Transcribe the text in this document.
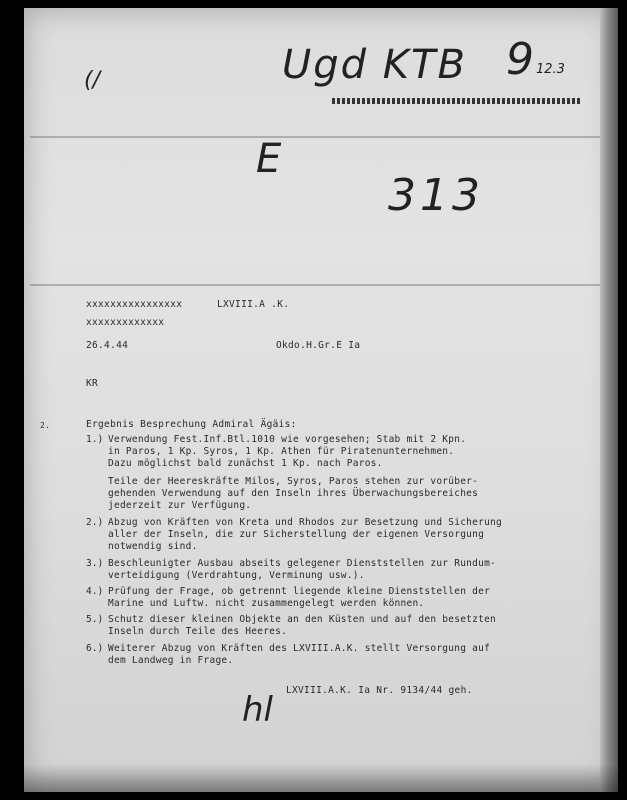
(/	Ugd KTB 9 12.3
E
313
xxxxxxxxxxxxxxxx	LXVIII.A .K.
xxxxxxxxxxxxx
26.4.44	Okdo.H.Gr.E Ia
KR
2.	Ergebnis Besprechung Admiral Ägäis:
1.) Verwendung Fest.Inf.Btl.1010 wie vorgesehen; Stab mit 2 Kpn.
in Paros, 1 Kp. Syros, 1 Kp. Athen für Piratenunternehmen.
Dazu möglichst bald zunächst 1 Kp. nach Paros.
Teile der Heereskräfte Milos, Syros, Paros stehen zur vorüber-
gehenden Verwendung auf den Inseln ihres Überwachungsbereiches
jederzeit zur Verfügung.
2.) Abzug von Kräften von Kreta und Rhodos zur Besetzung und Sicherung
aller der Inseln, die zur Sicherstellung der eigenen Versorgung
notwendig sind.
3.) Beschleunigter Ausbau abseits gelegener Dienststellen zur Rundum-
verteidigung (Verdrahtung, Verminung usw.).
4.) Prüfung der Frage, ob getrennt liegende kleine Dienststellen der
Marine und Luftw. nicht zusammengelegt werden können.
5.) Schutz dieser kleinen Objekte an den Küsten und auf den besetzten
Inseln durch Teile des Heeres.
6.) Weiterer Abzug von Kräften des LXVIII.A.K. stellt Versorgung auf
dem Landweg in Frage.
LXVIII.A.K. Ia Nr. 9134/44 geh.
hl
